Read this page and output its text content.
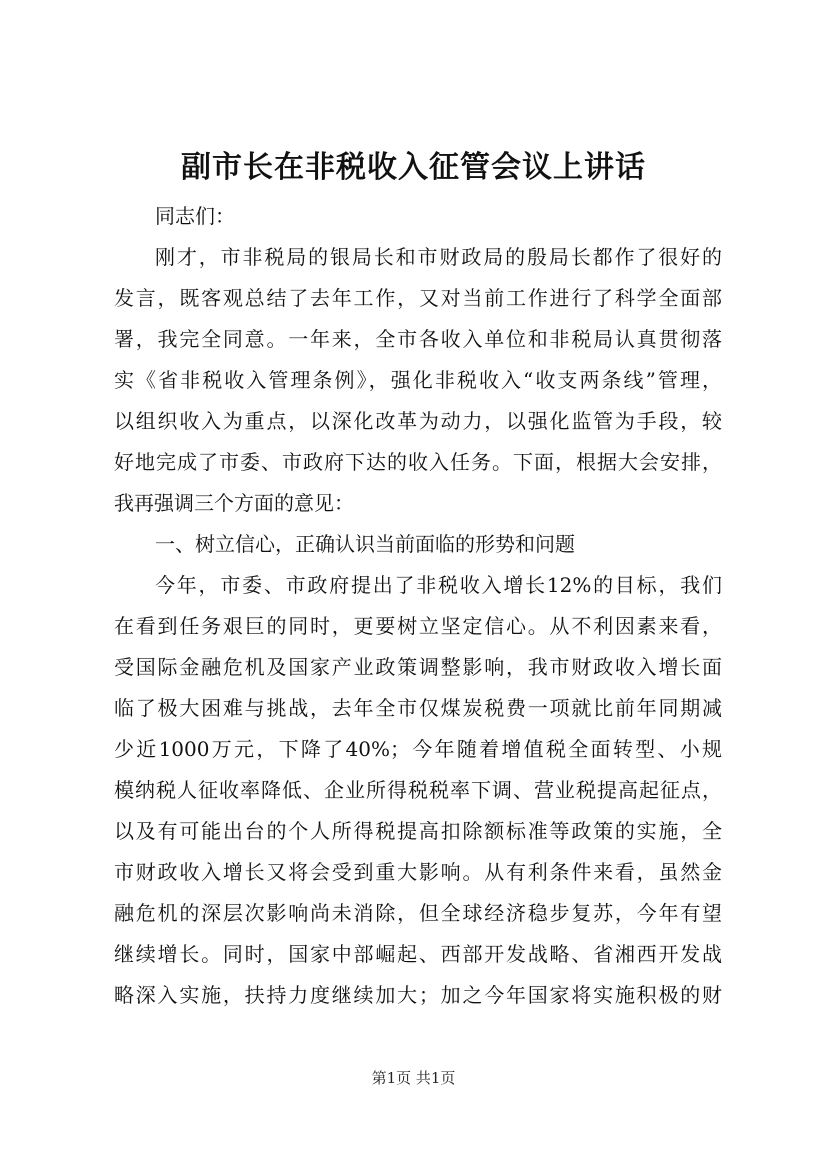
副市长在非税收入征管会议上讲话
同志们：
刚才，市非税局的银局长和市财政局的殷局长都作了很好的
发言，既客观总结了去年工作，又对当前工作进行了科学全面部
署，我完全同意。一年来，全市各收入单位和非税局认真贯彻落
实《省非税收入管理条例》，强化非税收入“收支两条线”管理，
以组织收入为重点，以深化改革为动力，以强化监管为手段，较
好地完成了市委、市政府下达的收入任务。下面，根据大会安排，
我再强调三个方面的意见：
一、树立信心，正确认识当前面临的形势和问题
今年，市委、市政府提出了非税收入增长12%的目标，我们
在看到任务艰巨的同时，更要树立坚定信心。从不利因素来看，
受国际金融危机及国家产业政策调整影响，我市财政收入增长面
临了极大困难与挑战，去年全市仅煤炭税费一项就比前年同期减
少近1000万元，下降了40%；今年随着增值税全面转型、小规
模纳税人征收率降低、企业所得税税率下调、营业税提高起征点，
以及有可能出台的个人所得税提高扣除额标准等政策的实施，全
市财政收入增长又将会受到重大影响。从有利条件来看，虽然金
融危机的深层次影响尚未消除，但全球经济稳步复苏，今年有望
继续增长。同时，国家中部崛起、西部开发战略、省湘西开发战
略深入实施，扶持力度继续加大；加之今年国家将实施积极的财
第1页 共1页
